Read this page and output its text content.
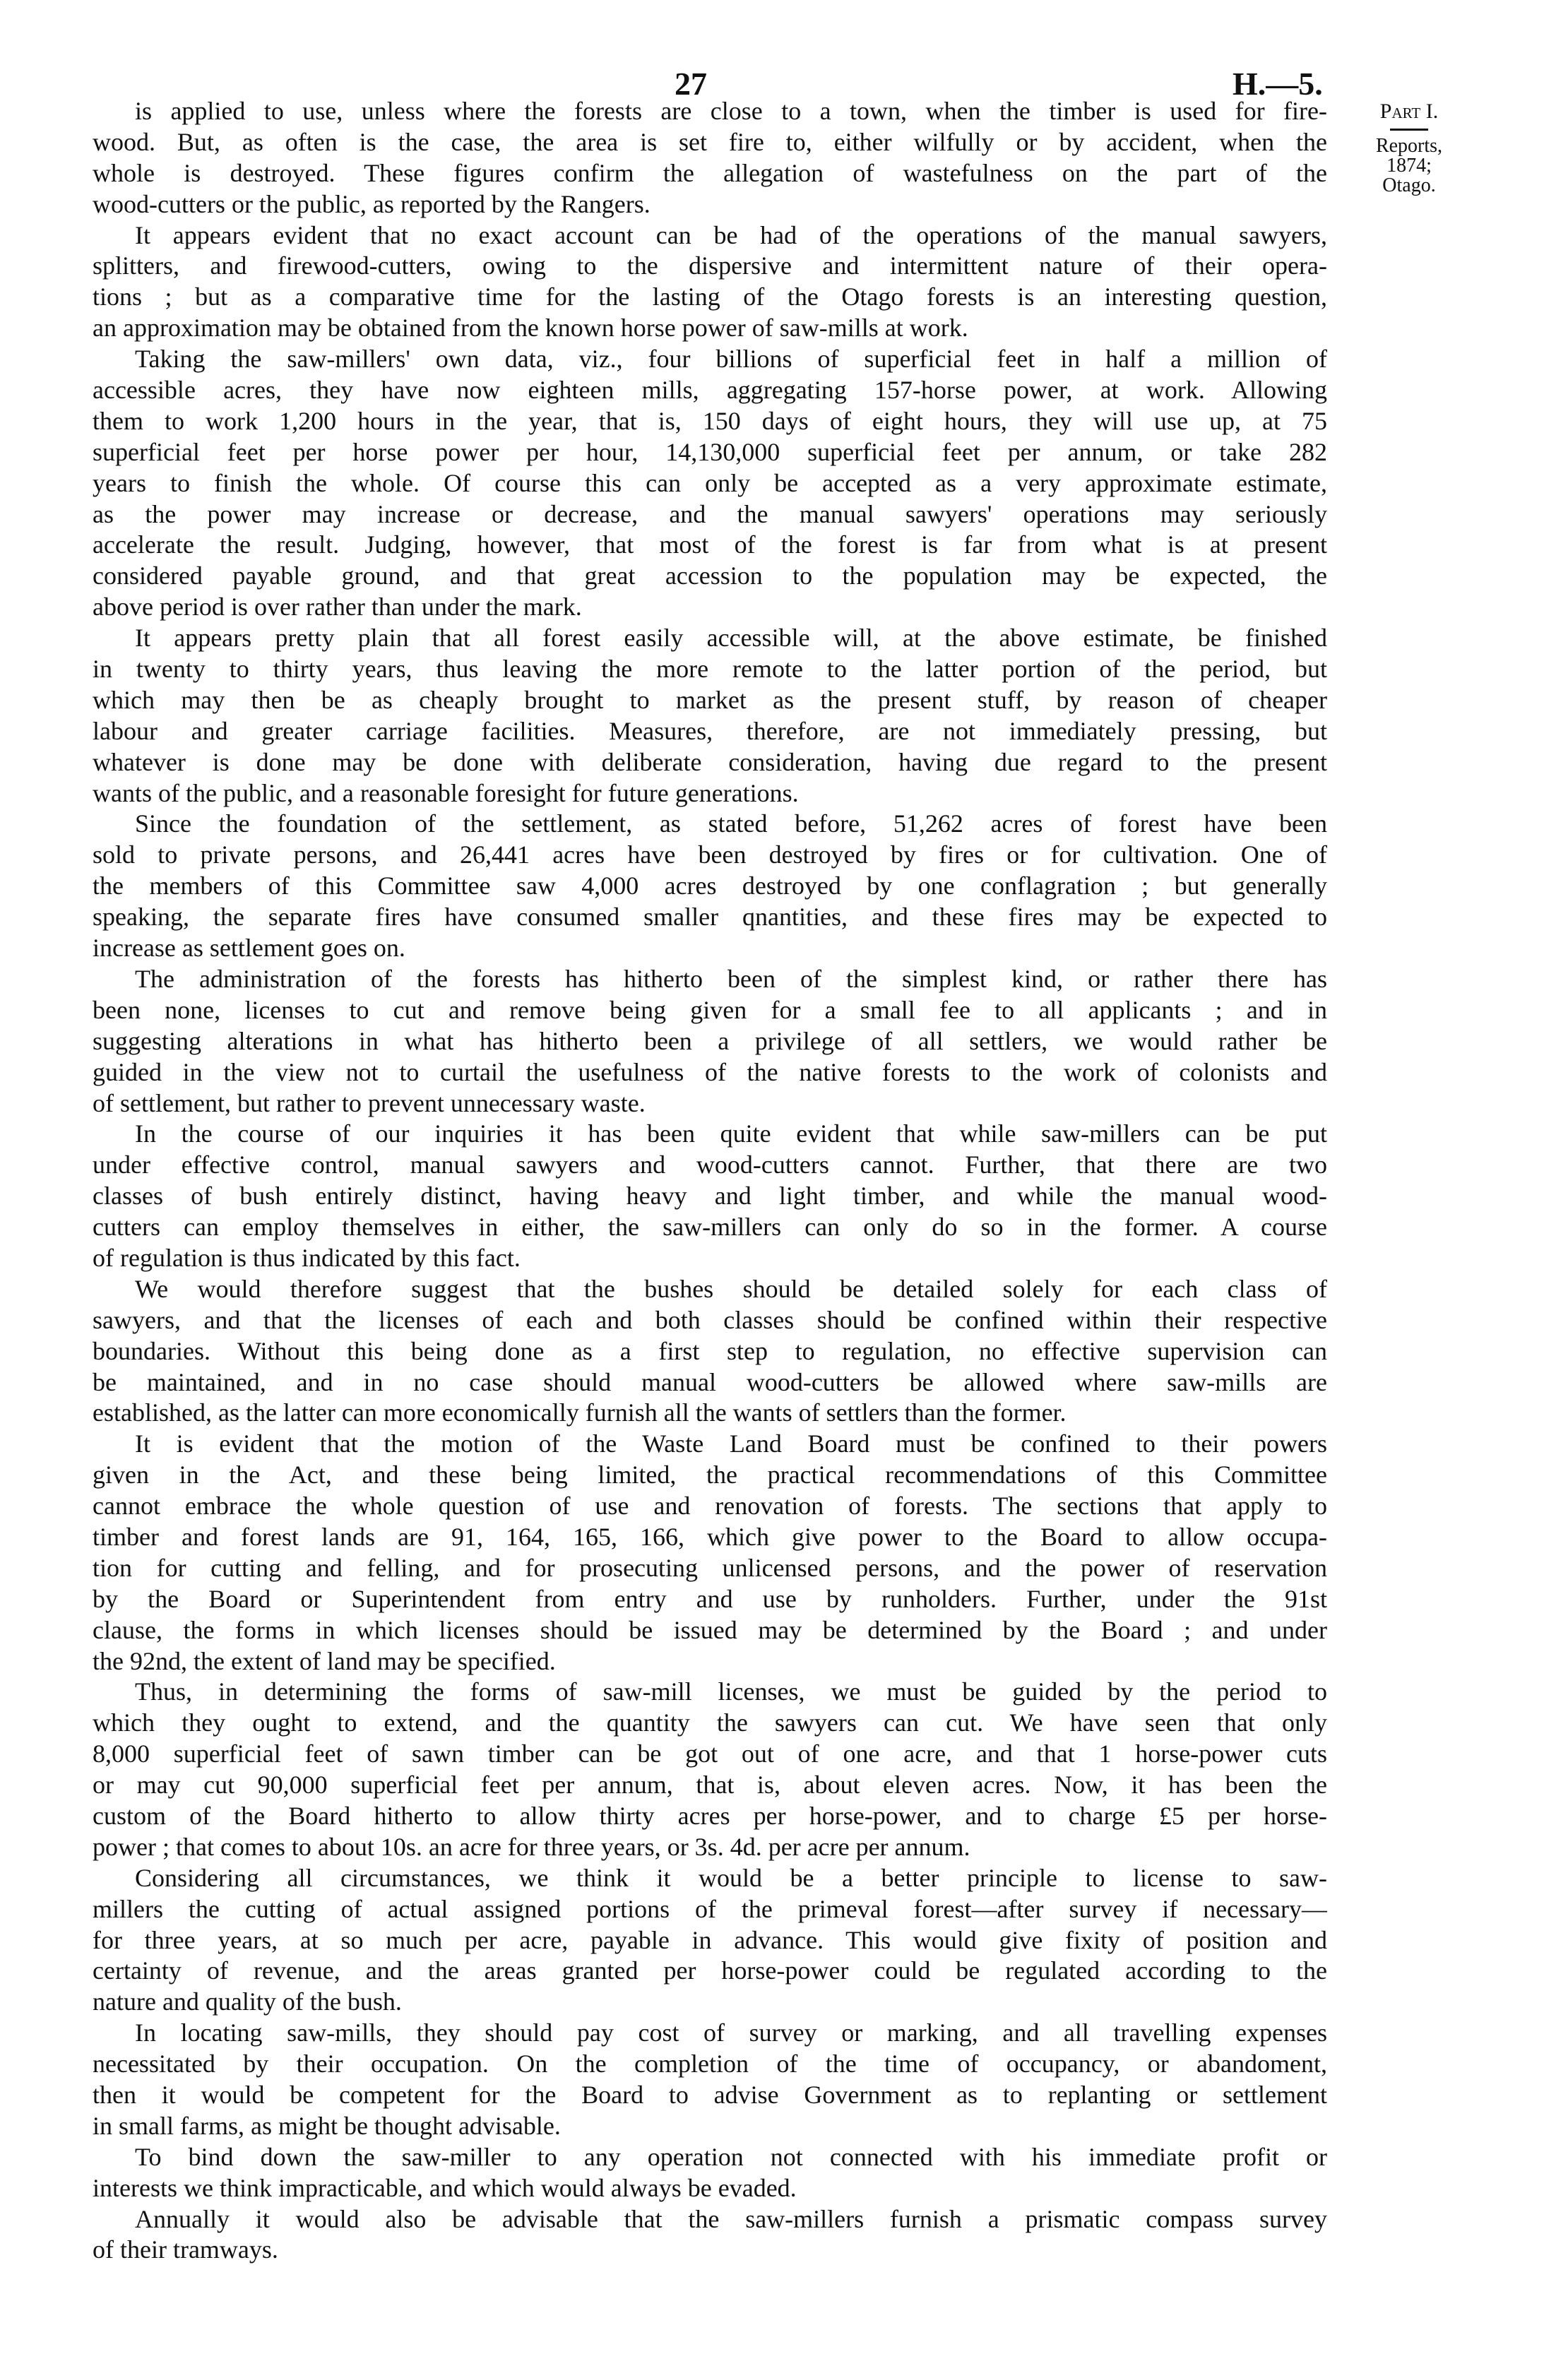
27	H.—5.
Part I.
Reports, 1874;
Otago.
is applied to use, unless where the forests are close to a town, when the timber is used for fire-
wood. But, as often is the case, the area is set fire to, either wilfully or by accident, when the
whole is destroyed. These figures confirm the allegation of wastefulness on the part of the
wood-cutters or the public, as reported by the Rangers.
It appears evident that no exact account can be had of the operations of the manual sawyers,
splitters, and firewood-cutters, owing to the dispersive and intermittent nature of their opera-
tions ; but as a comparative time for the lasting of the Otago forests is an interesting question,
an approximation may be obtained from the known horse power of saw-mills at work.
Taking the saw-millers' own data, viz., four billions of superficial feet in half a million of
accessible acres, they have now eighteen mills, aggregating 157-horse power, at work. Allowing
them to work 1,200 hours in the year, that is, 150 days of eight hours, they will use up, at 75
superficial feet per horse power per hour, 14,130,000 superficial feet per annum, or take 282
years to finish the whole. Of course this can only be accepted as a very approximate estimate,
as the power may increase or decrease, and the manual sawyers' operations may seriously
accelerate the result. Judging, however, that most of the forest is far from what is at present
considered payable ground, and that great accession to the population may be expected, the
above period is over rather than under the mark.
It appears pretty plain that all forest easily accessible will, at the above estimate, be finished
in twenty to thirty years, thus leaving the more remote to the latter portion of the period, but
which may then be as cheaply brought to market as the present stuff, by reason of cheaper
labour and greater carriage facilities. Measures, therefore, are not immediately pressing, but
whatever is done may be done with deliberate consideration, having due regard to the present
wants of the public, and a reasonable foresight for future generations.
Since the foundation of the settlement, as stated before, 51,262 acres of forest have been
sold to private persons, and 26,441 acres have been destroyed by fires or for cultivation. One of
the members of this Committee saw 4,000 acres destroyed by one conflagration ; but generally
speaking, the separate fires have consumed smaller qnantities, and these fires may be expected to
increase as settlement goes on.
The administration of the forests has hitherto been of the simplest kind, or rather there has
been none, licenses to cut and remove being given for a small fee to all applicants ; and in
suggesting alterations in what has hitherto been a privilege of all settlers, we would rather be
guided in the view not to curtail the usefulness of the native forests to the work of colonists and
of settlement, but rather to prevent unnecessary waste.
In the course of our inquiries it has been quite evident that while saw-millers can be put
under effective control, manual sawyers and wood-cutters cannot. Further, that there are two
classes of bush entirely distinct, having heavy and light timber, and while the manual wood-
cutters can employ themselves in either, the saw-millers can only do so in the former. A course
of regulation is thus indicated by this fact.
We would therefore suggest that the bushes should be detailed solely for each class of
sawyers, and that the licenses of each and both classes should be confined within their respective
boundaries. Without this being done as a first step to regulation, no effective supervision can
be maintained, and in no case should manual wood-cutters be allowed where saw-mills are
established, as the latter can more economically furnish all the wants of settlers than the former.
It is evident that the motion of the Waste Land Board must be confined to their powers
given in the Act, and these being limited, the practical recommendations of this Committee
cannot embrace the whole question of use and renovation of forests. The sections that apply to
timber and forest lands are 91, 164, 165, 166, which give power to the Board to allow occupa-
tion for cutting and felling, and for prosecuting unlicensed persons, and the power of reservation
by the Board or Superintendent from entry and use by runholders. Further, under the 91st
clause, the forms in which licenses should be issued may be determined by the Board ; and under
the 92nd, the extent of land may be specified.
Thus, in determining the forms of saw-mill licenses, we must be guided by the period to
which they ought to extend, and the quantity the sawyers can cut. We have seen that only
8,000 superficial feet of sawn timber can be got out of one acre, and that 1 horse-power cuts
or may cut 90,000 superficial feet per annum, that is, about eleven acres. Now, it has been the
custom of the Board hitherto to allow thirty acres per horse-power, and to charge £5 per horse-
power ; that comes to about 10s. an acre for three years, or 3s. 4d. per acre per annum.
Considering all circumstances, we think it would be a better principle to license to saw-
millers the cutting of actual assigned portions of the primeval forest—after survey if necessary—
for three years, at so much per acre, payable in advance. This would give fixity of position and
certainty of revenue, and the areas granted per horse-power could be regulated according to the
nature and quality of the bush.
In locating saw-mills, they should pay cost of survey or marking, and all travelling expenses
necessitated by their occupation. On the completion of the time of occupancy, or abandoment,
then it would be competent for the Board to advise Government as to replanting or settlement
in small farms, as might be thought advisable.
To bind down the saw-miller to any operation not connected with his immediate profit or
interests we think impracticable, and which would always be evaded.
Annually it would also be advisable that the saw-millers furnish a prismatic compass survey
of their tramways.
